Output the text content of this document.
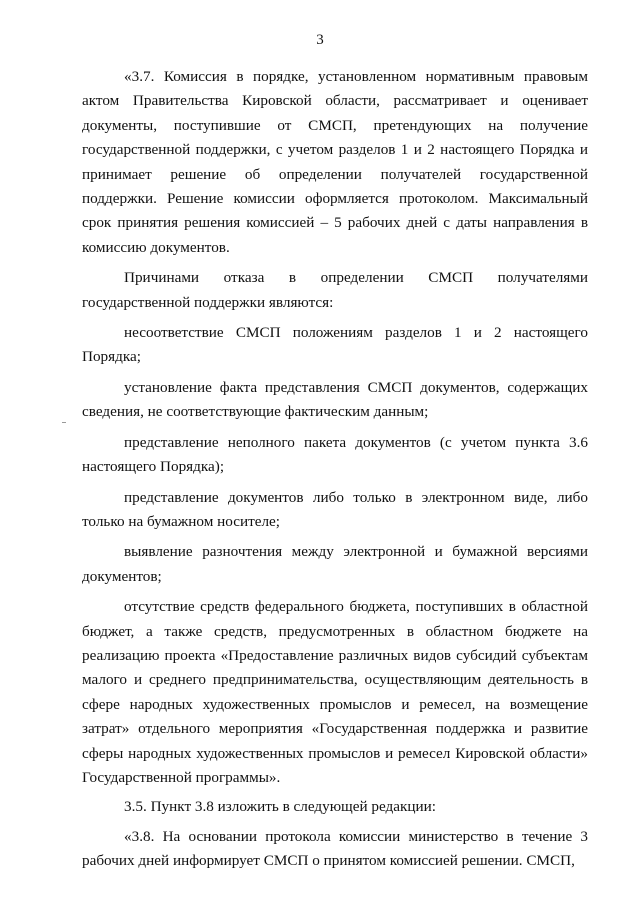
3

«3.7. Комиссия в порядке, установленном нормативным правовым актом Правительства Кировской области, рассматривает и оценивает документы, поступившие от СМСП, претендующих на получение государственной поддержки, с учетом разделов 1 и 2 настоящего Порядка и принимает решение об определении получателей государственной поддержки. Решение комиссии оформляется протоколом. Максимальный срок принятия решения комиссией – 5 рабочих дней с даты направления в комиссию документов.

Причинами отказа в определении СМСП получателями государственной поддержки являются:

несоответствие СМСП положениям разделов 1 и 2 настоящего Порядка;

установление факта представления СМСП документов, содержащих сведения, не соответствующие фактическим данным;

представление неполного пакета документов (с учетом пункта 3.6 настоящего Порядка);

представление документов либо только в электронном виде, либо только на бумажном носителе;

выявление разночтения между электронной и бумажной версиями документов;

отсутствие средств федерального бюджета, поступивших в областной бюджет, а также средств, предусмотренных в областном бюджете на реализацию проекта «Предоставление различных видов субсидий субъектам малого и среднего предпринимательства, осуществляющим деятельность в сфере народных художественных промыслов и ремесел, на возмещение затрат» отдельного мероприятия «Государственная поддержка и развитие сферы народных художественных промыслов и ремесел Кировской области» Государственной программы».

3.5. Пункт 3.8 изложить в следующей редакции:

«3.8. На основании протокола комиссии министерство в течение 3 рабочих дней информирует СМСП о принятом комиссией решении. СМСП,
